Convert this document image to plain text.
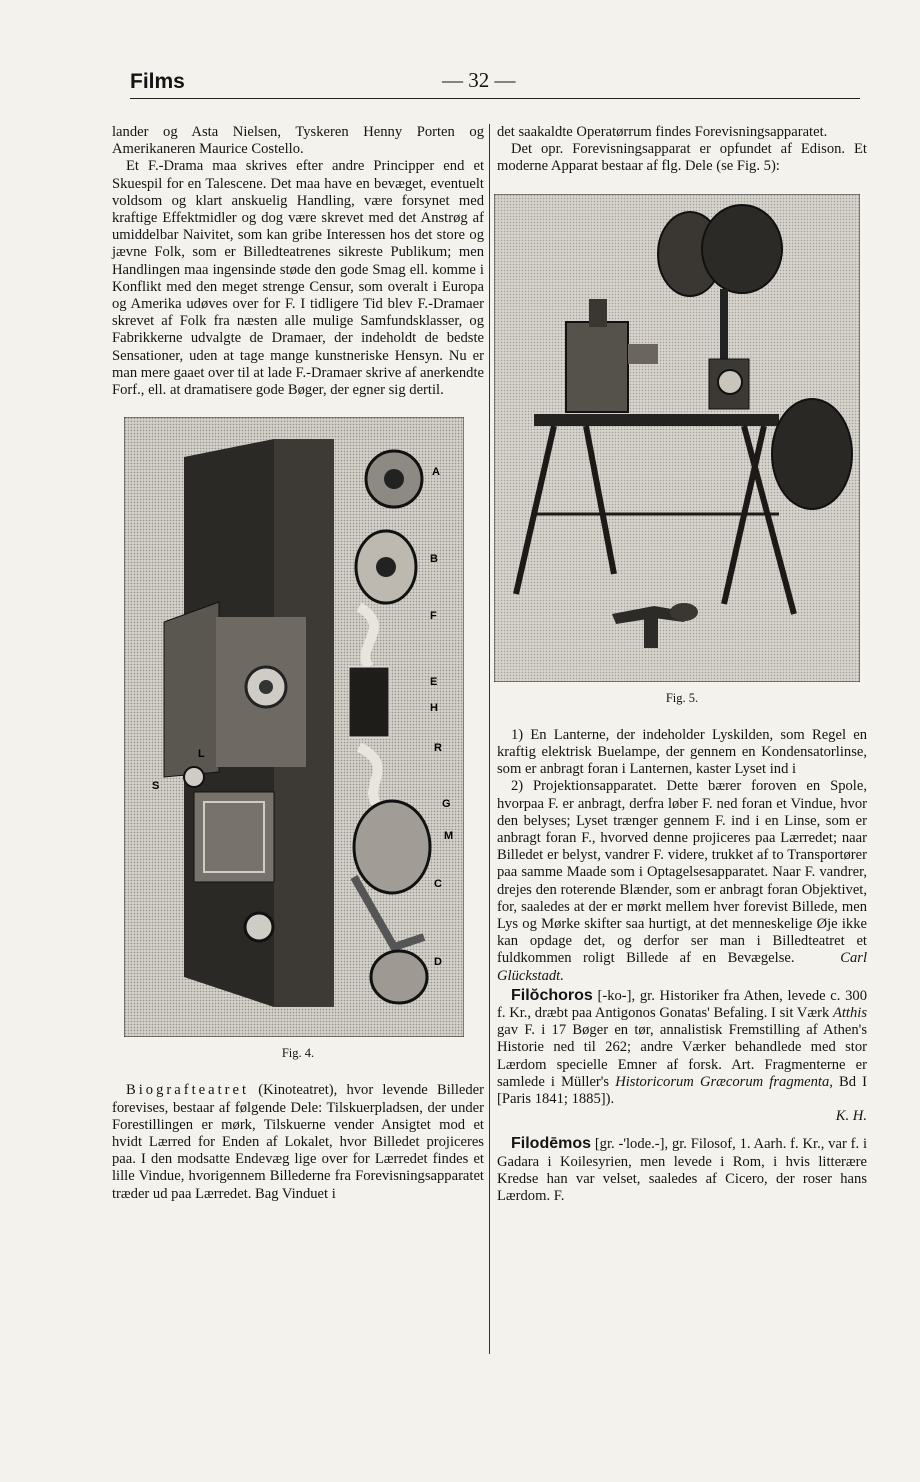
Films	— 32 —

lander og Asta Nielsen, Tyskeren Henny Porten og Amerikaneren Maurice Costello.

Et F.-Drama maa skrives efter andre Principper end et Skuespil for en Talescene. Det maa have en bevæget, eventuelt voldsom og klart anskuelig Handling, være forsynet med kraftige Effektmidler og dog være skrevet med det Anstrøg af umiddelbar Naivitet, som kan gribe Interessen hos det store og jævne Folk, som er Billedteatrenes sikreste Publikum; men Handlingen maa ingensinde støde den gode Smag ell. komme i Konflikt med den meget strenge Censur, som overalt i Europa og Amerika udøves over for F. I tidligere Tid blev F.-Dramaer skrevet af Folk fra næsten alle mulige Samfundsklasser, og Fabrikkerne udvalgte de Dramaer, der indeholdt de bedste Sensationer, uden at tage mange kunstneriske Hensyn. Nu er man mere gaaet over til at lade F.-Dramaer skrive af anerkendte Forf., ell. at dramatisere gode Bøger, der egner sig dertil.

A
B
F
E
H
R
L
S
G
M
C
D
Fig. 4.

Biografteatret (Kinoteatret), hvor levende Billeder forevises, bestaar af følgende Dele: Tilskuerpladsen, der under Forestillingen er mørk, Tilskuerne vender Ansigtet mod et hvidt Lærred for Enden af Lokalet, hvor Billedet projiceres paa. I den modsatte Endevæg lige over for Lærredet findes et lille Vindue, hvorigennem Billederne fra Forevisningsapparatet træder ud paa Lærredet. Bag Vinduet i

det saakaldte Operatørrum findes Forevisningsapparatet.

Det opr. Forevisningsapparat er opfundet af Edison. Et moderne Apparat bestaar af flg. Dele (se Fig. 5):

Fig. 5.

1) En Lanterne, der indeholder Lyskilden, som Regel en kraftig elektrisk Buelampe, der gennem en Kondensatorlinse, som er anbragt foran i Lanternen, kaster Lyset ind i

2) Projektionsapparatet. Dette bærer foroven en Spole, hvorpaa F. er anbragt, derfra løber F. ned foran et Vindue, hvor den belyses; Lyset trænger gennem F. ind i en Linse, som er anbragt foran F., hvorved denne projiceres paa Lærredet; naar Billedet er belyst, vandrer F. videre, trukket af to Transportører paa samme Maade som i Optagelsesapparatet. Naar F. vandrer, drejes den roterende Blænder, som er anbragt foran Objektivet, for, saaledes at der er mørkt mellem hver forevist Billede, men Lys og Mørke skifter saa hurtigt, at det menneskelige Øje ikke kan opdage det, og derfor ser man i Billedteatret et fuldkommen roligt Billede af en Bevægelse.	Carl Glückstadt.

Filŏchoros [-ko-], gr. Historiker fra Athen, levede c. 300 f. Kr., dræbt paa Antigonos Gonatas' Befaling. I sit Værk Atthis gav F. i 17 Bøger en tør, annalistisk Fremstilling af Athen's Historie ned til 262; andre Værker behandlede med stor Lærdom specielle Emner af forsk. Art. Fragmenterne er samlede i Müller's Historicorum Græcorum fragmenta, Bd I [Paris 1841; 1885]).

K. H.

Filodēmos [gr. -'lode.-], gr. Filosof, 1. Aarh. f. Kr., var f. i Gadara i Koilesyrien, men levede i Rom, i hvis litterære Kredse han var velset, saaledes af Cicero, der roser hans Lærdom. F.
